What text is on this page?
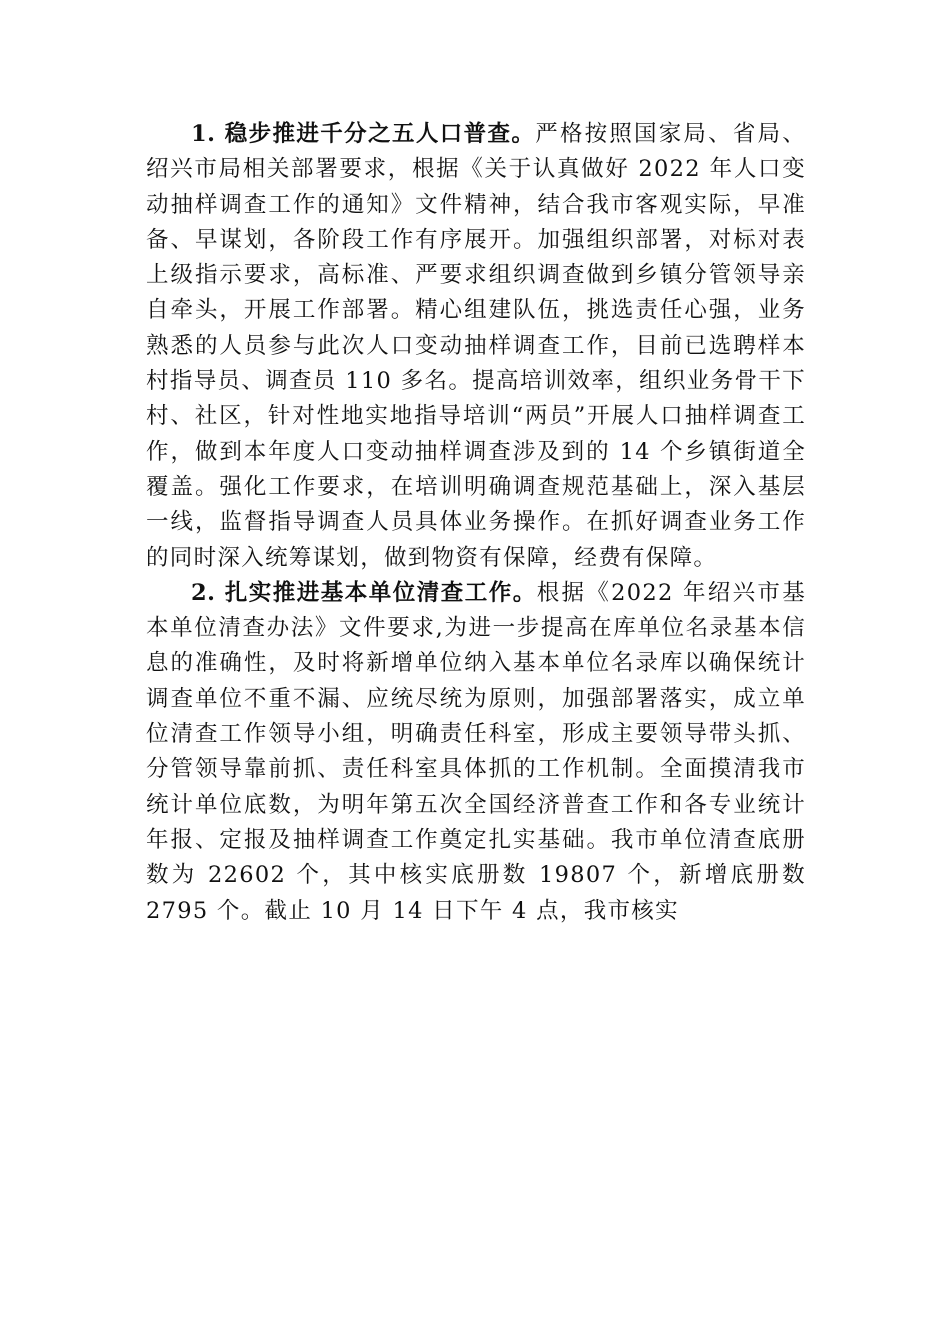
1. 稳步推进千分之五人口普查。严格按照国家局、省局、绍兴市局相关部署要求，根据《关于认真做好 2022 年人口变动抽样调查工作的通知》文件精神，结合我市客观实际，早准备、早谋划，各阶段工作有序展开。加强组织部署，对标对表上级指示要求，高标准、严要求组织调查做到乡镇分管领导亲自牵头，开展工作部署。精心组建队伍，挑选责任心强，业务熟悉的人员参与此次人口变动抽样调查工作，目前已选聘样本村指导员、调查员 110 多名。提高培训效率，组织业务骨干下村、社区，针对性地实地指导培训“两员”开展人口抽样调查工作，做到本年度人口变动抽样调查涉及到的 14 个乡镇街道全覆盖。强化工作要求，在培训明确调查规范基础上，深入基层一线，监督指导调查人员具体业务操作。在抓好调查业务工作的同时深入统筹谋划，做到物资有保障，经费有保障。

2. 扎实推进基本单位清查工作。根据《2022 年绍兴市基本单位清查办法》文件要求,为进一步提高在库单位名录基本信息的准确性，及时将新增单位纳入基本单位名录库以确保统计调查单位不重不漏、应统尽统为原则，加强部署落实，成立单位清查工作领导小组，明确责任科室，形成主要领导带头抓、分管领导靠前抓、责任科室具体抓的工作机制。全面摸清我市统计单位底数，为明年第五次全国经济普查工作和各专业统计年报、定报及抽样调查工作奠定扎实基础。我市单位清查底册数为 22602 个，其中核实底册数 19807 个，新增底册数 2795 个。截止 10 月 14 日下午 4 点，我市核实
